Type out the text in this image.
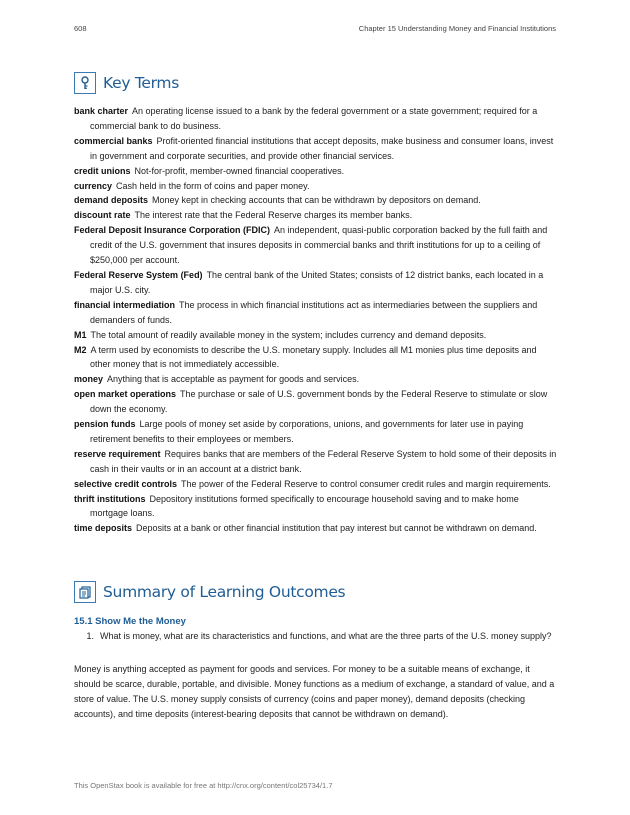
608	Chapter 15 Understanding Money and Financial Institutions
Key Terms

bank charter An operating license issued to a bank by the federal government or a state government; required for a commercial bank to do business.

commercial banks Profit-oriented financial institutions that accept deposits, make business and consumer loans, invest in government and corporate securities, and provide other financial services.

credit unions Not-for-profit, member-owned financial cooperatives.

currency Cash held in the form of coins and paper money.

demand deposits Money kept in checking accounts that can be withdrawn by depositors on demand.

discount rate The interest rate that the Federal Reserve charges its member banks.

Federal Deposit Insurance Corporation (FDIC) An independent, quasi-public corporation backed by the full faith and credit of the U.S. government that insures deposits in commercial banks and thrift institutions for up to a ceiling of $250,000 per account.

Federal Reserve System (Fed) The central bank of the United States; consists of 12 district banks, each located in a major U.S. city.

financial intermediation The process in which financial institutions act as intermediaries between the suppliers and demanders of funds.

M1 The total amount of readily available money in the system; includes currency and demand deposits.

M2 A term used by economists to describe the U.S. monetary supply. Includes all M1 monies plus time deposits and other money that is not immediately accessible.

money Anything that is acceptable as payment for goods and services.

open market operations The purchase or sale of U.S. government bonds by the Federal Reserve to stimulate or slow down the economy.

pension funds Large pools of money set aside by corporations, unions, and governments for later use in paying retirement benefits to their employees or members.

reserve requirement Requires banks that are members of the Federal Reserve System to hold some of their deposits in cash in their vaults or in an account at a district bank.

selective credit controls The power of the Federal Reserve to control consumer credit rules and margin requirements.

thrift institutions Depository institutions formed specifically to encourage household saving and to make home mortgage loans.

time deposits Deposits at a bank or other financial institution that pay interest but cannot be withdrawn on demand.

Summary of Learning Outcomes
15.1 Show Me the Money
1. What is money, what are its characteristics and functions, and what are the three parts of the U.S. money supply?

Money is anything accepted as payment for goods and services. For money to be a suitable means of exchange, it should be scarce, durable, portable, and divisible. Money functions as a medium of exchange, a standard of value, and a store of value. The U.S. money supply consists of currency (coins and paper money), demand deposits (checking accounts), and time deposits (interest-bearing deposits that cannot be withdrawn on demand).

This OpenStax book is available for free at http://cnx.org/content/col25734/1.7
